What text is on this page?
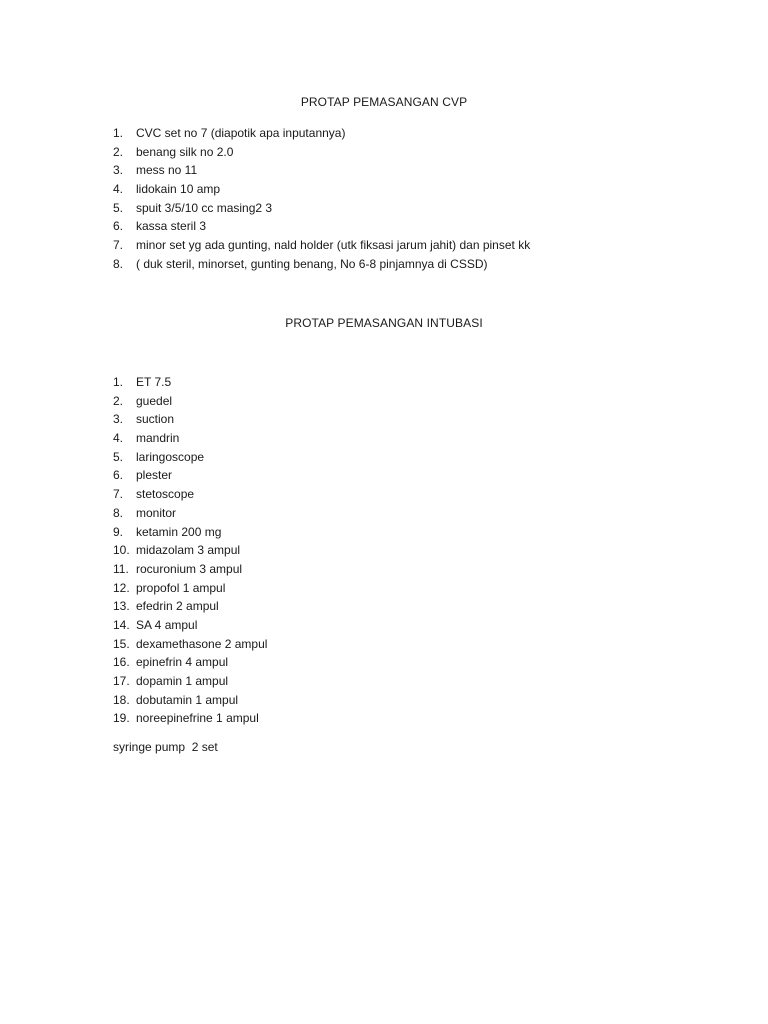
PROTAP PEMASANGAN CVP
1. CVC set no 7 (diapotik apa inputannya)
2. benang silk no 2.0
3. mess no 11
4. lidokain 10 amp
5. spuit 3/5/10 cc masing2 3
6. kassa steril 3
7. minor set yg ada gunting, nald holder (utk fiksasi jarum jahit) dan pinset kk
8. ( duk steril, minorset, gunting benang, No 6-8 pinjamnya di CSSD)
PROTAP PEMASANGAN INTUBASI
1. ET 7.5
2. guedel
3. suction
4. mandrin
5. laringoscope
6. plester
7. stetoscope
8. monitor
9. ketamin 200 mg
10. midazolam 3 ampul
11. rocuronium 3 ampul
12. propofol 1 ampul
13. efedrin 2 ampul
14. SA 4 ampul
15. dexamethasone 2 ampul
16. epinefrin 4 ampul
17. dopamin 1 ampul
18. dobutamin 1 ampul
19. noreepinefrine 1 ampul
syringe pump  2 set
